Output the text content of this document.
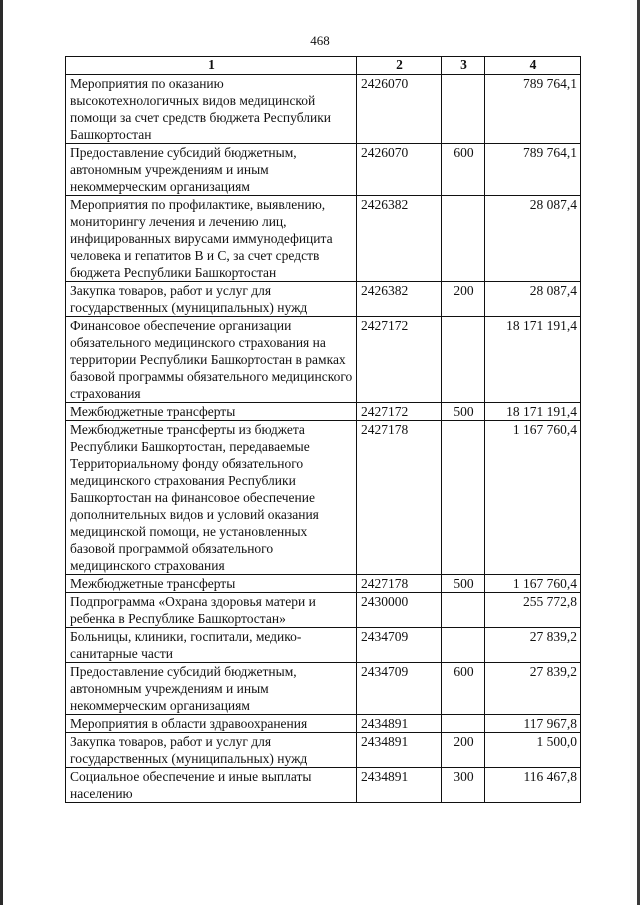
468
1	2	3	4
Мероприятия по оказанию высокотехнологичных видов медицинской помощи за счет средств бюджета Республики Башкортостан	2426070		789 764,1
Предоставление субсидий бюджетным, автономным учреждениям и иным некоммерческим организациям	2426070	600	789 764,1
Мероприятия по профилактике, выявлению, мониторингу лечения и лечению лиц, инфицированных вирусами иммунодефицита человека и гепатитов В и С, за счет средств бюджета Республики Башкортостан	2426382		28 087,4
Закупка товаров, работ и услуг для государственных (муниципальных) нужд	2426382	200	28 087,4
Финансовое обеспечение организации обязательного медицинского страхования на территории Республики Башкортостан в рамках базовой программы обязательного медицинского страхования	2427172		18 171 191,4
Межбюджетные трансферты	2427172	500	18 171 191,4
Межбюджетные трансферты из бюджета Республики Башкортостан, передаваемые Территориальному фонду обязательного медицинского страхования Республики Башкортостан на финансовое обеспечение дополнительных видов и условий оказания медицинской помощи, не установленных базовой программой обязательного медицинского страхования	2427178		1 167 760,4
Межбюджетные трансферты	2427178	500	1 167 760,4
Подпрограмма «Охрана здоровья матери и ребенка в Республике Башкортостан»	2430000		255 772,8
Больницы, клиники, госпитали, медико-санитарные части	2434709		27 839,2
Предоставление субсидий бюджетным, автономным учреждениям и иным некоммерческим организациям	2434709	600	27 839,2
Мероприятия в области здравоохранения	2434891		117 967,8
Закупка товаров, работ и услуг для государственных (муниципальных) нужд	2434891	200	1 500,0
Социальное обеспечение и иные выплаты населению	2434891	300	116 467,8
